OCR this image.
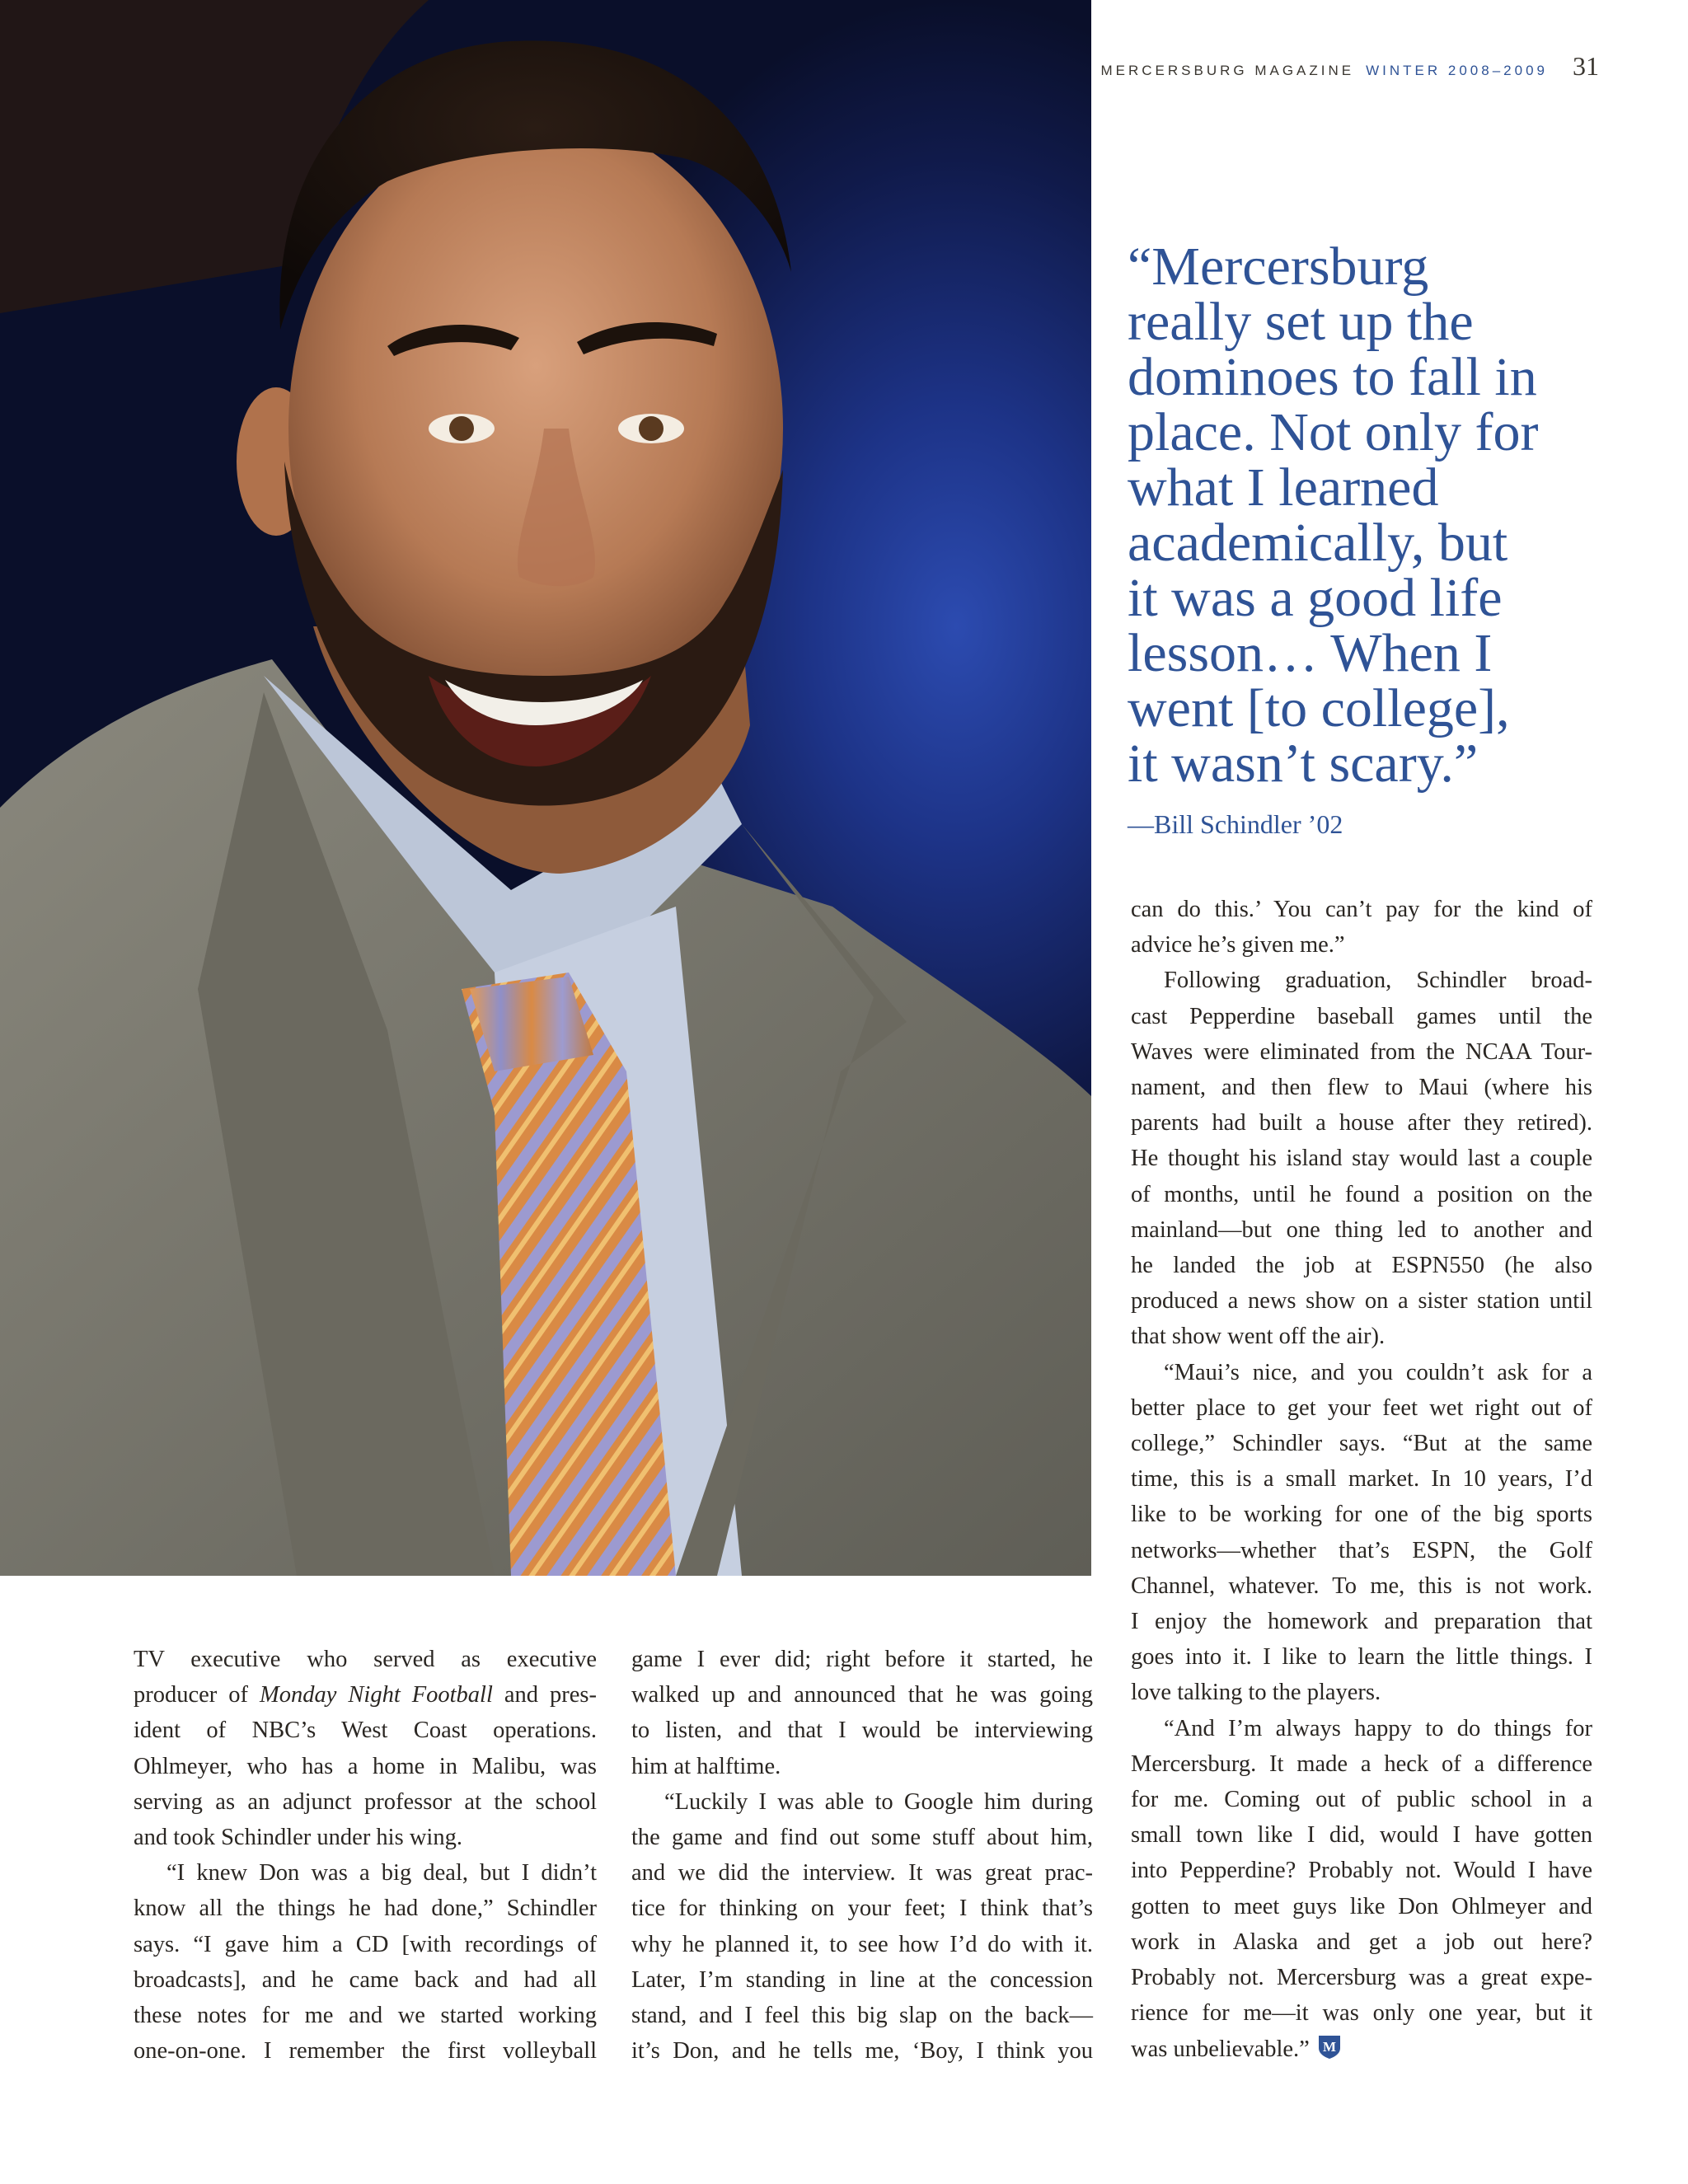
MERCERSBURG MAGAZINE WINTER 2008–2009 31
“Mercersburg
really set up the
dominoes to fall in
place. Not only for
what I learned
academically, but
it was a good life
lesson… When I
went [to college],
it wasn’t scary.”
—Bill Schindler ’02
TV executive who served as executive
producer of Monday Night Football and pres-
ident of NBC’s West Coast operations.
Ohlmeyer, who has a home in Malibu, was
serving as an adjunct professor at the school
and took Schindler under his wing.
“I knew Don was a big deal, but I didn’t
know all the things he had done,” Schindler
says. “I gave him a CD [with recordings of
broadcasts], and he came back and had all
these notes for me and we started working
one-on-one. I remember the first volleyball
game I ever did; right before it started, he
walked up and announced that he was going
to listen, and that I would be interviewing
him at halftime.
“Luckily I was able to Google him during
the game and find out some stuff about him,
and we did the interview. It was great prac-
tice for thinking on your feet; I think that’s
why he planned it, to see how I’d do with it.
Later, I’m standing in line at the concession
stand, and I feel this big slap on the back—
it’s Don, and he tells me, ‘Boy, I think you
can do this.’ You can’t pay for the kind of
advice he’s given me.”
Following graduation, Schindler broad-
cast Pepperdine baseball games until the
Waves were eliminated from the NCAA Tour-
nament, and then flew to Maui (where his
parents had built a house after they retired).
He thought his island stay would last a couple
of months, until he found a position on the
mainland—but one thing led to another and
he landed the job at ESPN550 (he also
produced a news show on a sister station until
that show went off the air).
“Maui’s nice, and you couldn’t ask for a
better place to get your feet wet right out of
college,” Schindler says. “But at the same
time, this is a small market. In 10 years, I’d
like to be working for one of the big sports
networks—whether that’s ESPN, the Golf
Channel, whatever. To me, this is not work.
I enjoy the homework and preparation that
goes into it. I like to learn the little things. I
love talking to the players.
“And I’m always happy to do things for
Mercersburg. It made a heck of a difference
for me. Coming out of public school in a
small town like I did, would I have gotten
into Pepperdine? Probably not. Would I have
gotten to meet guys like Don Ohlmeyer and
work in Alaska and get a job out here?
Probably not. Mercersburg was a great expe-
rience for me—it was only one year, but it
was unbelievable.” M
